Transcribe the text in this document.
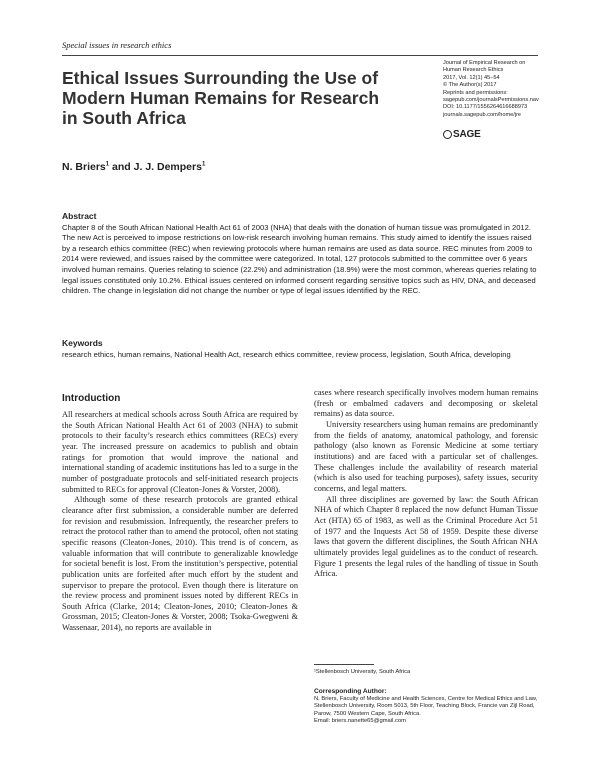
Special issues in research ethics
Ethical Issues Surrounding the Use of Modern Human Remains for Research in South Africa
Journal of Empirical Research on
Human Research Ethics
2017, Vol. 12(1) 45–54
© The Author(s) 2017
Reprints and permissions:
sagepub.com/journalsPermissions.nav
DOI: 10.1177/1556264616688973
journals.sagepub.com/home/jre
SAGE
N. Briers$^1$ and J. J. Dempers$^1$
Abstract
Chapter 8 of the South African National Health Act 61 of 2003 (NHA) that deals with the donation of human tissue was promulgated in 2012. The new Act is perceived to impose restrictions on low-risk research involving human remains. This study aimed to identify the issues raised by a research ethics committee (REC) when reviewing protocols where human remains are used as data source. REC minutes from 2009 to 2014 were reviewed, and issues raised by the committee were categorized. In total, 127 protocols submitted to the committee over 6 years involved human remains. Queries relating to science (22.2%) and administration (18.9%) were the most common, whereas queries relating to legal issues constituted only 10.2%. Ethical issues centered on informed consent regarding sensitive topics such as HIV, DNA, and deceased children. The change in legislation did not change the number or type of legal issues identified by the REC.
Keywords
research ethics, human remains, National Health Act, research ethics committee, review process, legislation, South Africa, developing
Introduction

All researchers at medical schools across South Africa are required by the South African National Health Act 61 of 2003 (NHA) to submit protocols to their faculty’s research ethics committees (RECs) every year. The increased pressure on academics to publish and obtain ratings for promotion that would improve the national and international standing of academic institutions has led to a surge in the number of postgraduate protocols and self-initiated research projects submitted to RECs for approval (Cleaton-Jones & Vorster, 2008).

Although some of these research protocols are granted ethical clearance after first submission, a considerable number are deferred for revision and resubmission. Infrequently, the researcher prefers to retract the protocol rather than to amend the protocol, often not stating specific reasons (Cleaton-Jones, 2010). This trend is of concern, as valuable information that will contribute to generalizable knowledge for societal benefit is lost. From the institution’s perspective, potential publication units are forfeited after much effort by the student and supervisor to prepare the protocol. Even though there is literature on the review process and prominent issues noted by different RECs in South Africa (Clarke, 2014; Cleaton-Jones, 2010; Cleaton-Jones & Grossman, 2015; Cleaton-Jones & Vorster, 2008; Tsoka-Gwegweni & Wassenaar, 2014), no reports are available in

cases where research specifically involves modern human remains (fresh or embalmed cadavers and decomposing or skeletal remains) as data source.

University researchers using human remains are predominantly from the fields of anatomy, anatomical pathology, and forensic pathology (also known as Forensic Medicine at some tertiary institutions) and are faced with a particular set of challenges. These challenges include the availability of research material (which is also used for teaching purposes), safety issues, security concerns, and legal matters.

All three disciplines are governed by law: the South African NHA of which Chapter 8 replaced the now defunct Human Tissue Act (HTA) 65 of 1983, as well as the Criminal Procedure Act 51 of 1977 and the Inquests Act 58 of 1959. Despite these diverse laws that govern the different disciplines, the South African NHA ultimately provides legal guidelines as to the conduct of research. Figure 1 presents the legal rules of the handling of tissue in South Africa.

¹Stellenbosch University, South Africa
Corresponding Author:
N. Briers, Faculty of Medicine and Health Sciences, Centre for Medical Ethics and Law, Stellenbosch University, Room 5013, 5th Floor, Teaching Block, Francie van Zijl Road, Parow, 7500 Western Cape, South Africa.
Email: briers.nanette65@gmail.com
